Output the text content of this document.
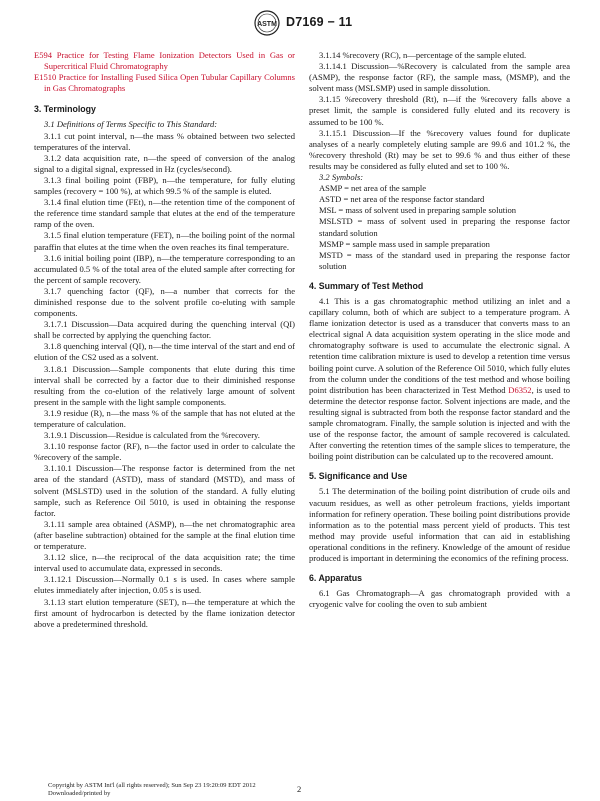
ASTM D7169 − 11

E594 Practice for Testing Flame Ionization Detectors Used in Gas or Supercritical Fluid Chromatography

E1510 Practice for Installing Fused Silica Open Tubular Capillary Columns in Gas Chromatographs

3. Terminology

3.1 Definitions of Terms Specific to This Standard:

3.1.1 cut point interval, n—the mass % obtained between two selected temperatures of the interval.

3.1.2 data acquisition rate, n—the speed of conversion of the analog signal to a digital signal, expressed in Hz (cycles/second).

3.1.3 final boiling point (FBP), n—the temperature, for fully eluting samples (recovery = 100 %), at which 99.5 % of the sample is eluted.

3.1.4 final elution time (FEt), n—the retention time of the component of the reference time standard sample that elutes at the end of the temperature ramp of the oven.

3.1.5 final elution temperature (FET), n—the boiling point of the normal paraffin that elutes at the time when the oven reaches its final temperature.

3.1.6 initial boiling point (IBP), n—the temperature corresponding to an accumulated 0.5 % of the total area of the eluted sample after correcting for the percent of sample recovery.

3.1.7 quenching factor (QF), n—a number that corrects for the diminished response due to the solvent profile co-eluting with sample components.

3.1.7.1 Discussion—Data acquired during the quenching interval (QI) shall be corrected by applying the quenching factor.

3.1.8 quenching interval (QI), n—the time interval of the start and end of elution of the CS2 used as a solvent.

3.1.8.1 Discussion—Sample components that elute during this time interval shall be corrected by a factor due to their diminished response resulting from the co-elution of the relatively large amount of solvent present in the sample with the light sample components.

3.1.9 residue (R), n—the mass % of the sample that has not eluted at the temperature of calculation.

3.1.9.1 Discussion—Residue is calculated from the %recovery.

3.1.10 response factor (RF), n—the factor used in order to calculate the %recovery of the sample.

3.1.10.1 Discussion—The response factor is determined from the net area of the standard (ASTD), mass of standard (MSTD), and mass of solvent (MSLSTD) used in the solution of the standard. A fully eluting sample, such as Reference Oil 5010, is used in obtaining the response factor.

3.1.11 sample area obtained (ASMP), n—the net chromatographic area (after baseline subtraction) obtained for the sample at the final elution time or temperature.

3.1.12 slice, n—the reciprocal of the data acquisition rate; the time interval used to accumulate data, expressed in seconds.

3.1.12.1 Discussion—Normally 0.1 s is used. In cases where sample elutes immediately after injection, 0.05 s is used.

3.1.13 start elution temperature (SET), n—the temperature at which the first amount of hydrocarbon is detected by the flame ionization detector above a predetermined threshold.

3.1.14 %recovery (RC), n—percentage of the sample eluted.

3.1.14.1 Discussion—%Recovery is calculated from the sample area (ASMP), the response factor (RF), the sample mass, (MSMP), and the solvent mass (MSLSMP) used in sample dissolution.

3.1.15 %recovery threshold (Rt), n—if the %recovery falls above a preset limit, the sample is considered fully eluted and its recovery is assumed to be 100 %.

3.1.15.1 Discussion—If the %recovery values found for duplicate analyses of a nearly completely eluting sample are 99.6 and 101.2 %, the %recovery threshold (Rt) may be set to 99.6 % and thus either of these results may be considered as fully eluted and set to 100 %.

3.2 Symbols:

ASMP = net area of the sample

ASTD = net area of the response factor standard

MSL = mass of solvent used in preparing sample solution

MSLSTD = mass of solvent used in preparing the response factor standard solution

MSMP = sample mass used in sample preparation

MSTD = mass of the standard used in preparing the response factor solution

4. Summary of Test Method

4.1 This is a gas chromatographic method utilizing an inlet and a capillary column, both of which are subject to a temperature program. A flame ionization detector is used as a transducer that converts mass to an electrical signal A data acquisition system operating in the slice mode and chromatography software is used to accumulate the electronic signal. A retention time calibration mixture is used to develop a retention time versus boiling point curve. A solution of the Reference Oil 5010, which fully elutes from the column under the conditions of the test method and whose boiling point distribution has been characterized in Test Method D6352, is used to determine the detector response factor. Solvent injections are made, and the resulting signal is subtracted from both the response factor standard and the sample chromatogram. Finally, the sample solution is injected and with the use of the response factor, the amount of sample recovered is calculated. After converting the retention times of the sample slices to temperature, the boiling point distribution can be calculated up to the recovered amount.

5. Significance and Use

5.1 The determination of the boiling point distribution of crude oils and vacuum residues, as well as other petroleum fractions, yields important information for refinery operation. These boiling point distributions provide information as to the potential mass percent yield of products. This test method may provide useful information that can aid in establishing operational conditions in the refinery. Knowledge of the amount of residue produced is important in determining the economics of the refining process.

6. Apparatus

6.1 Gas Chromatograph—A gas chromatograph provided with a cryogenic valve for cooling the oven to sub ambient

Copyright by ASTM Int'l (all rights reserved); Sun Sep 23 19:20:09 EDT 2012
Downloaded/printed by	2
